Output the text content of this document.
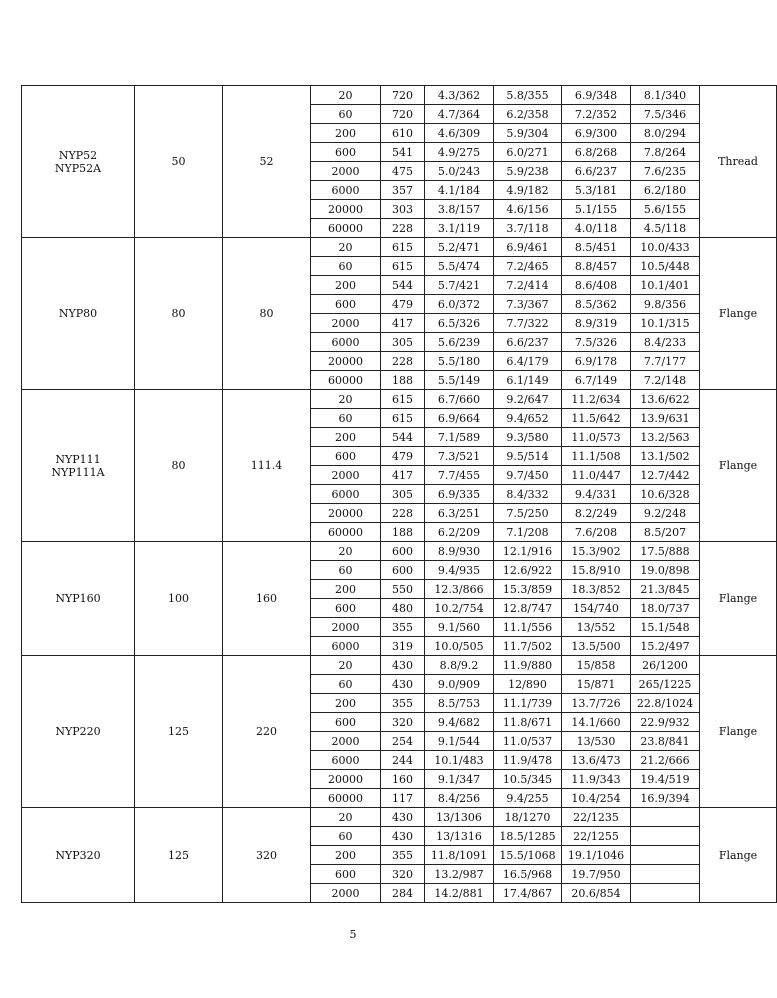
NYP52
NYP52A	50	52	20	720	4.3/362	5.8/355	6.9/348	8.1/340	Thread
			60	720	4.7/364	6.2/358	7.2/352	7.5/346	
			200	610	4.6/309	5.9/304	6.9/300	8.0/294	
			600	541	4.9/275	6.0/271	6.8/268	7.8/264	
			2000	475	5.0/243	5.9/238	6.6/237	7.6/235	
			6000	357	4.1/184	4.9/182	5.3/181	6.2/180	
			20000	303	3.8/157	4.6/156	5.1/155	5.6/155	
			60000	228	3.1/119	3.7/118	4.0/118	4.5/118	
NYP80	80	80	20	615	5.2/471	6.9/461	8.5/451	10.0/433	Flange
			60	615	5.5/474	7.2/465	8.8/457	10.5/448	
			200	544	5.7/421	7.2/414	8.6/408	10.1/401	
			600	479	6.0/372	7.3/367	8.5/362	9.8/356	
			2000	417	6.5/326	7.7/322	8.9/319	10.1/315	
			6000	305	5.6/239	6.6/237	7.5/326	8.4/233	
			20000	228	5.5/180	6.4/179	6.9/178	7.7/177	
			60000	188	5.5/149	6.1/149	6.7/149	7.2/148	
NYP111
NYP111A	80	111.4	20	615	6.7/660	9.2/647	11.2/634	13.6/622	Flange
			60	615	6.9/664	9.4/652	11.5/642	13.9/631	
			200	544	7.1/589	9.3/580	11.0/573	13.2/563	
			600	479	7.3/521	9.5/514	11.1/508	13.1/502	
			2000	417	7.7/455	9.7/450	11.0/447	12.7/442	
			6000	305	6.9/335	8.4/332	9.4/331	10.6/328	
			20000	228	6.3/251	7.5/250	8.2/249	9.2/248	
			60000	188	6.2/209	7.1/208	7.6/208	8.5/207	
NYP160	100	160	20	600	8.9/930	12.1/916	15.3/902	17.5/888	Flange
			60	600	9.4/935	12.6/922	15.8/910	19.0/898	
			200	550	12.3/866	15.3/859	18.3/852	21.3/845	
			600	480	10.2/754	12.8/747	154/740	18.0/737	
			2000	355	9.1/560	11.1/556	13/552	15.1/548	
			6000	319	10.0/505	11.7/502	13.5/500	15.2/497	
NYP220	125	220	20	430	8.8/9.2	11.9/880	15/858	26/1200	Flange
			60	430	9.0/909	12/890	15/871	265/1225	
			200	355	8.5/753	11.1/739	13.7/726	22.8/1024	
			600	320	9.4/682	11.8/671	14.1/660	22.9/932	
			2000	254	9.1/544	11.0/537	13/530	23.8/841	
			6000	244	10.1/483	11.9/478	13.6/473	21.2/666	
			20000	160	9.1/347	10.5/345	11.9/343	19.4/519	
			60000	117	8.4/256	9.4/255	10.4/254	16.9/394	
NYP320	125	320	20	430	13/1306	18/1270	22/1235		Flange
			60	430	13/1316	18.5/1285	22/1255		
			200	355	11.8/1091	15.5/1068	19.1/1046		
			600	320	13.2/987	16.5/968	19.7/950		
			2000	284	14.2/881	17.4/867	20.6/854		
5
